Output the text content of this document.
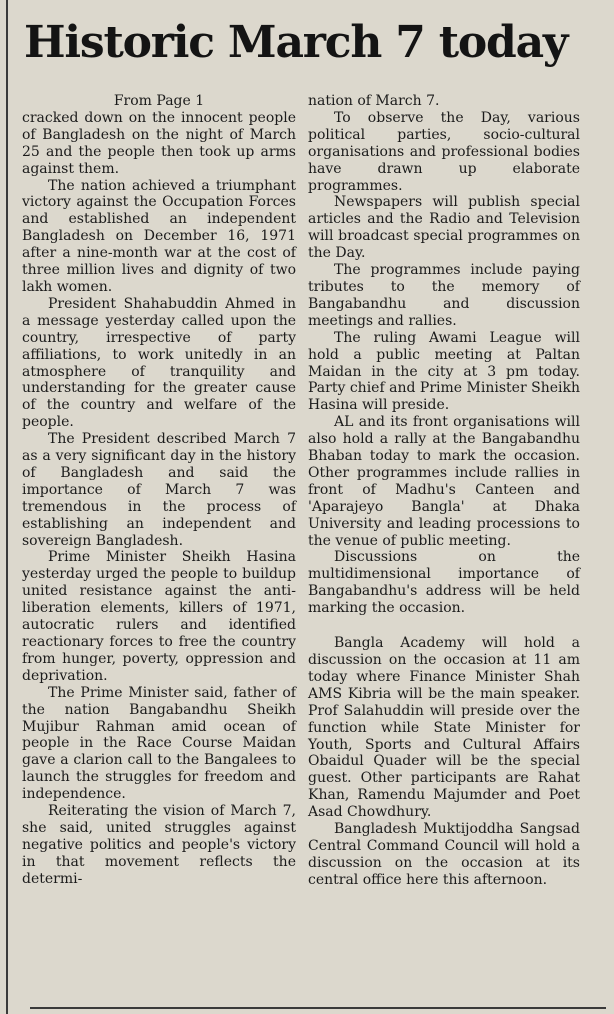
Historic March 7 today

From Page 1

cracked down on the innocent people of Bangladesh on the night of March 25 and the people then took up arms against them.

The nation achieved a triumphant victory against the Occupation Forces and established an independent Bangladesh on December 16, 1971 after a nine-month war at the cost of three million lives and dignity of two lakh women.

President Shahabuddin Ahmed in a message yesterday called upon the country, irrespective of party affiliations, to work unitedly in an atmosphere of tranquility and understanding for the greater cause of the country and welfare of the people.

The President described March 7 as a very significant day in the history of Bangladesh and said the importance of March 7 was tremendous in the process of establishing an independent and sovereign Bangladesh.

Prime Minister Sheikh Hasina yesterday urged the people to buildup united resistance against the anti-liberation elements, killers of 1971, autocratic rulers and identified reactionary forces to free the country from hunger, poverty, oppression and deprivation.

The Prime Minister said, father of the nation Bangabandhu Sheikh Mujibur Rahman amid ocean of people in the Race Course Maidan gave a clarion call to the Bangalees to launch the struggles for freedom and independence.

Reiterating the vision of March 7, she said, united struggles against negative politics and people's victory in that movement reflects the determi-

nation of March 7.

To observe the Day, various political parties, socio-cultural organisations and professional bodies have drawn up elaborate programmes.

Newspapers will publish special articles and the Radio and Television will broadcast special programmes on the Day.

The programmes include paying tributes to the memory of Bangabandhu and discussion meetings and rallies.

The ruling Awami League will hold a public meeting at Paltan Maidan in the city at 3 pm today. Party chief and Prime Minister Sheikh Hasina will preside.

AL and its front organisations will also hold a rally at the Bangabandhu Bhaban today to mark the occasion. Other programmes include rallies in front of Madhu's Canteen and 'Aparajeyo Bangla' at Dhaka University and leading processions to the venue of public meeting.

Discussions on the multidimensional importance of Bangabandhu's address will be held marking the occasion.

Bangla Academy will hold a discussion on the occasion at 11 am today where Finance Minister Shah AMS Kibria will be the main speaker. Prof Salahuddin will preside over the function while State Minister for Youth, Sports and Cultural Affairs Obaidul Quader will be the special guest. Other participants are Rahat Khan, Ramendu Majumder and Poet Asad Chowdhury.

Bangladesh Muktijoddha Sangsad Central Command Council will hold a discussion on the occasion at its central office here this afternoon.
